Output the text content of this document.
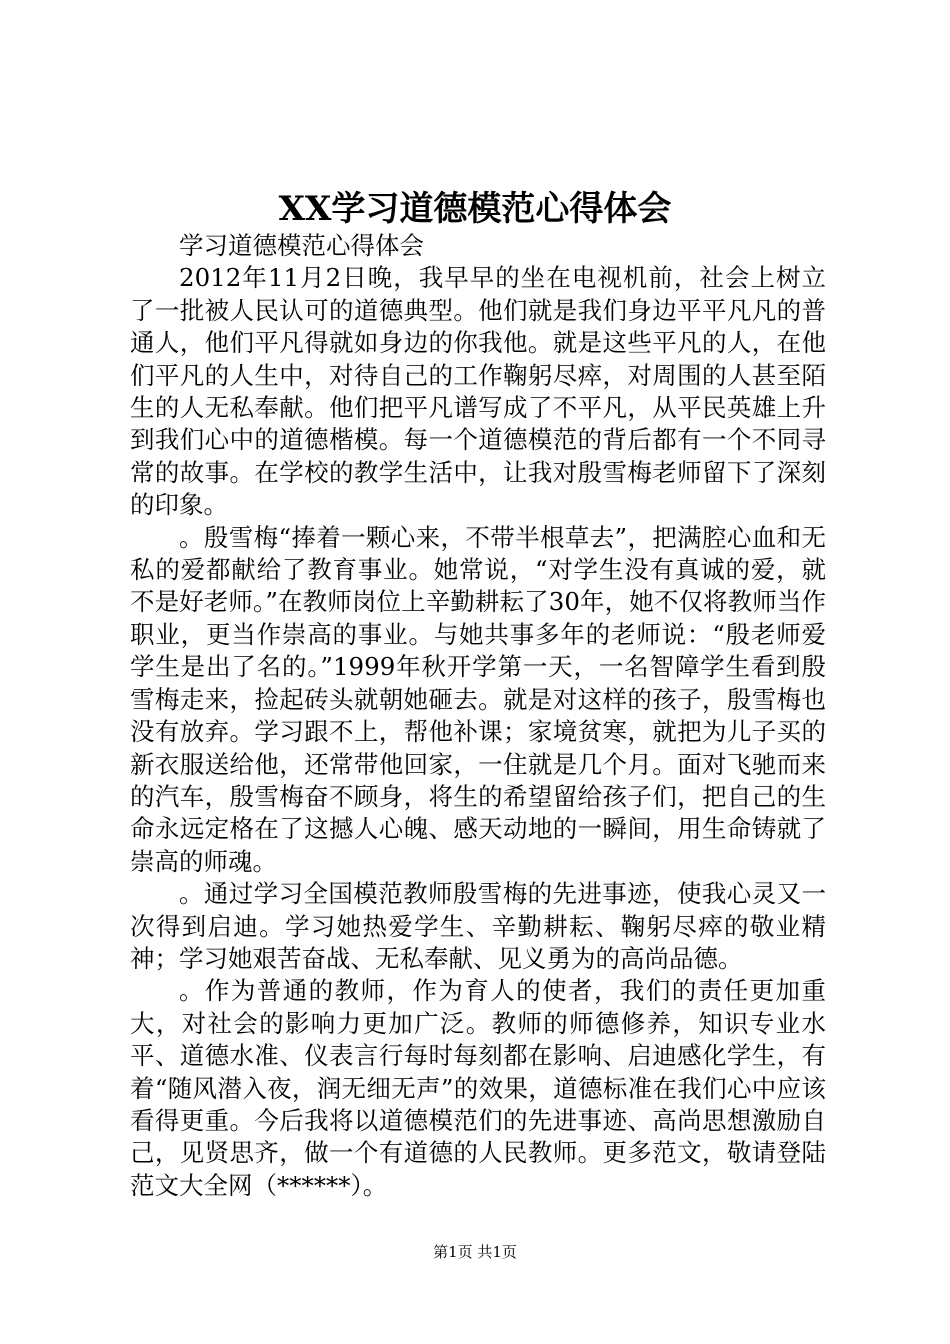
XX学习道德模范心得体会

学习道德模范心得体会

2012年11月2日晚，我早早的坐在电视机前，社会上树立了一批被人民认可的道德典型。他们就是我们身边平平凡凡的普通人，他们平凡得就如身边的你我他。就是这些平凡的人，在他们平凡的人生中，对待自己的工作鞠躬尽瘁，对周围的人甚至陌生的人无私奉献。他们把平凡谱写成了不平凡，从平民英雄上升到我们心中的道德楷模。每一个道德模范的背后都有一个不同寻常的故事。在学校的教学生活中，让我对殷雪梅老师留下了深刻的印象。

。殷雪梅“捧着一颗心来，不带半根草去”，把满腔心血和无私的爱都献给了教育事业。她常说，“对学生没有真诚的爱，就不是好老师。”在教师岗位上辛勤耕耘了30年，她不仅将教师当作职业，更当作崇高的事业。与她共事多年的老师说：“殷老师爱学生是出了名的。”1999年秋开学第一天，一名智障学生看到殷雪梅走来，捡起砖头就朝她砸去。就是对这样的孩子，殷雪梅也没有放弃。学习跟不上，帮他补课；家境贫寒，就把为儿子买的新衣服送给他，还常带他回家，一住就是几个月。面对飞驰而来的汽车，殷雪梅奋不顾身，将生的希望留给孩子们，把自己的生命永远定格在了这撼人心魄、感天动地的一瞬间，用生命铸就了崇高的师魂。

。通过学习全国模范教师殷雪梅的先进事迹，使我心灵又一次得到启迪。学习她热爱学生、辛勤耕耘、鞠躬尽瘁的敬业精神；学习她艰苦奋战、无私奉献、见义勇为的高尚品德。

。作为普通的教师，作为育人的使者，我们的责任更加重大，对社会的影响力更加广泛。教师的师德修养，知识专业水平、道德水准、仪表言行每时每刻都在影响、启迪感化学生，有着“随风潜入夜，润无细无声”的效果，道德标准在我们心中应该看得更重。今后我将以道德模范们的先进事迹、高尚思想激励自己，见贤思齐，做一个有道德的人民教师。更多范文，敬请登陆范文大全网（******）。

第1页 共1页
